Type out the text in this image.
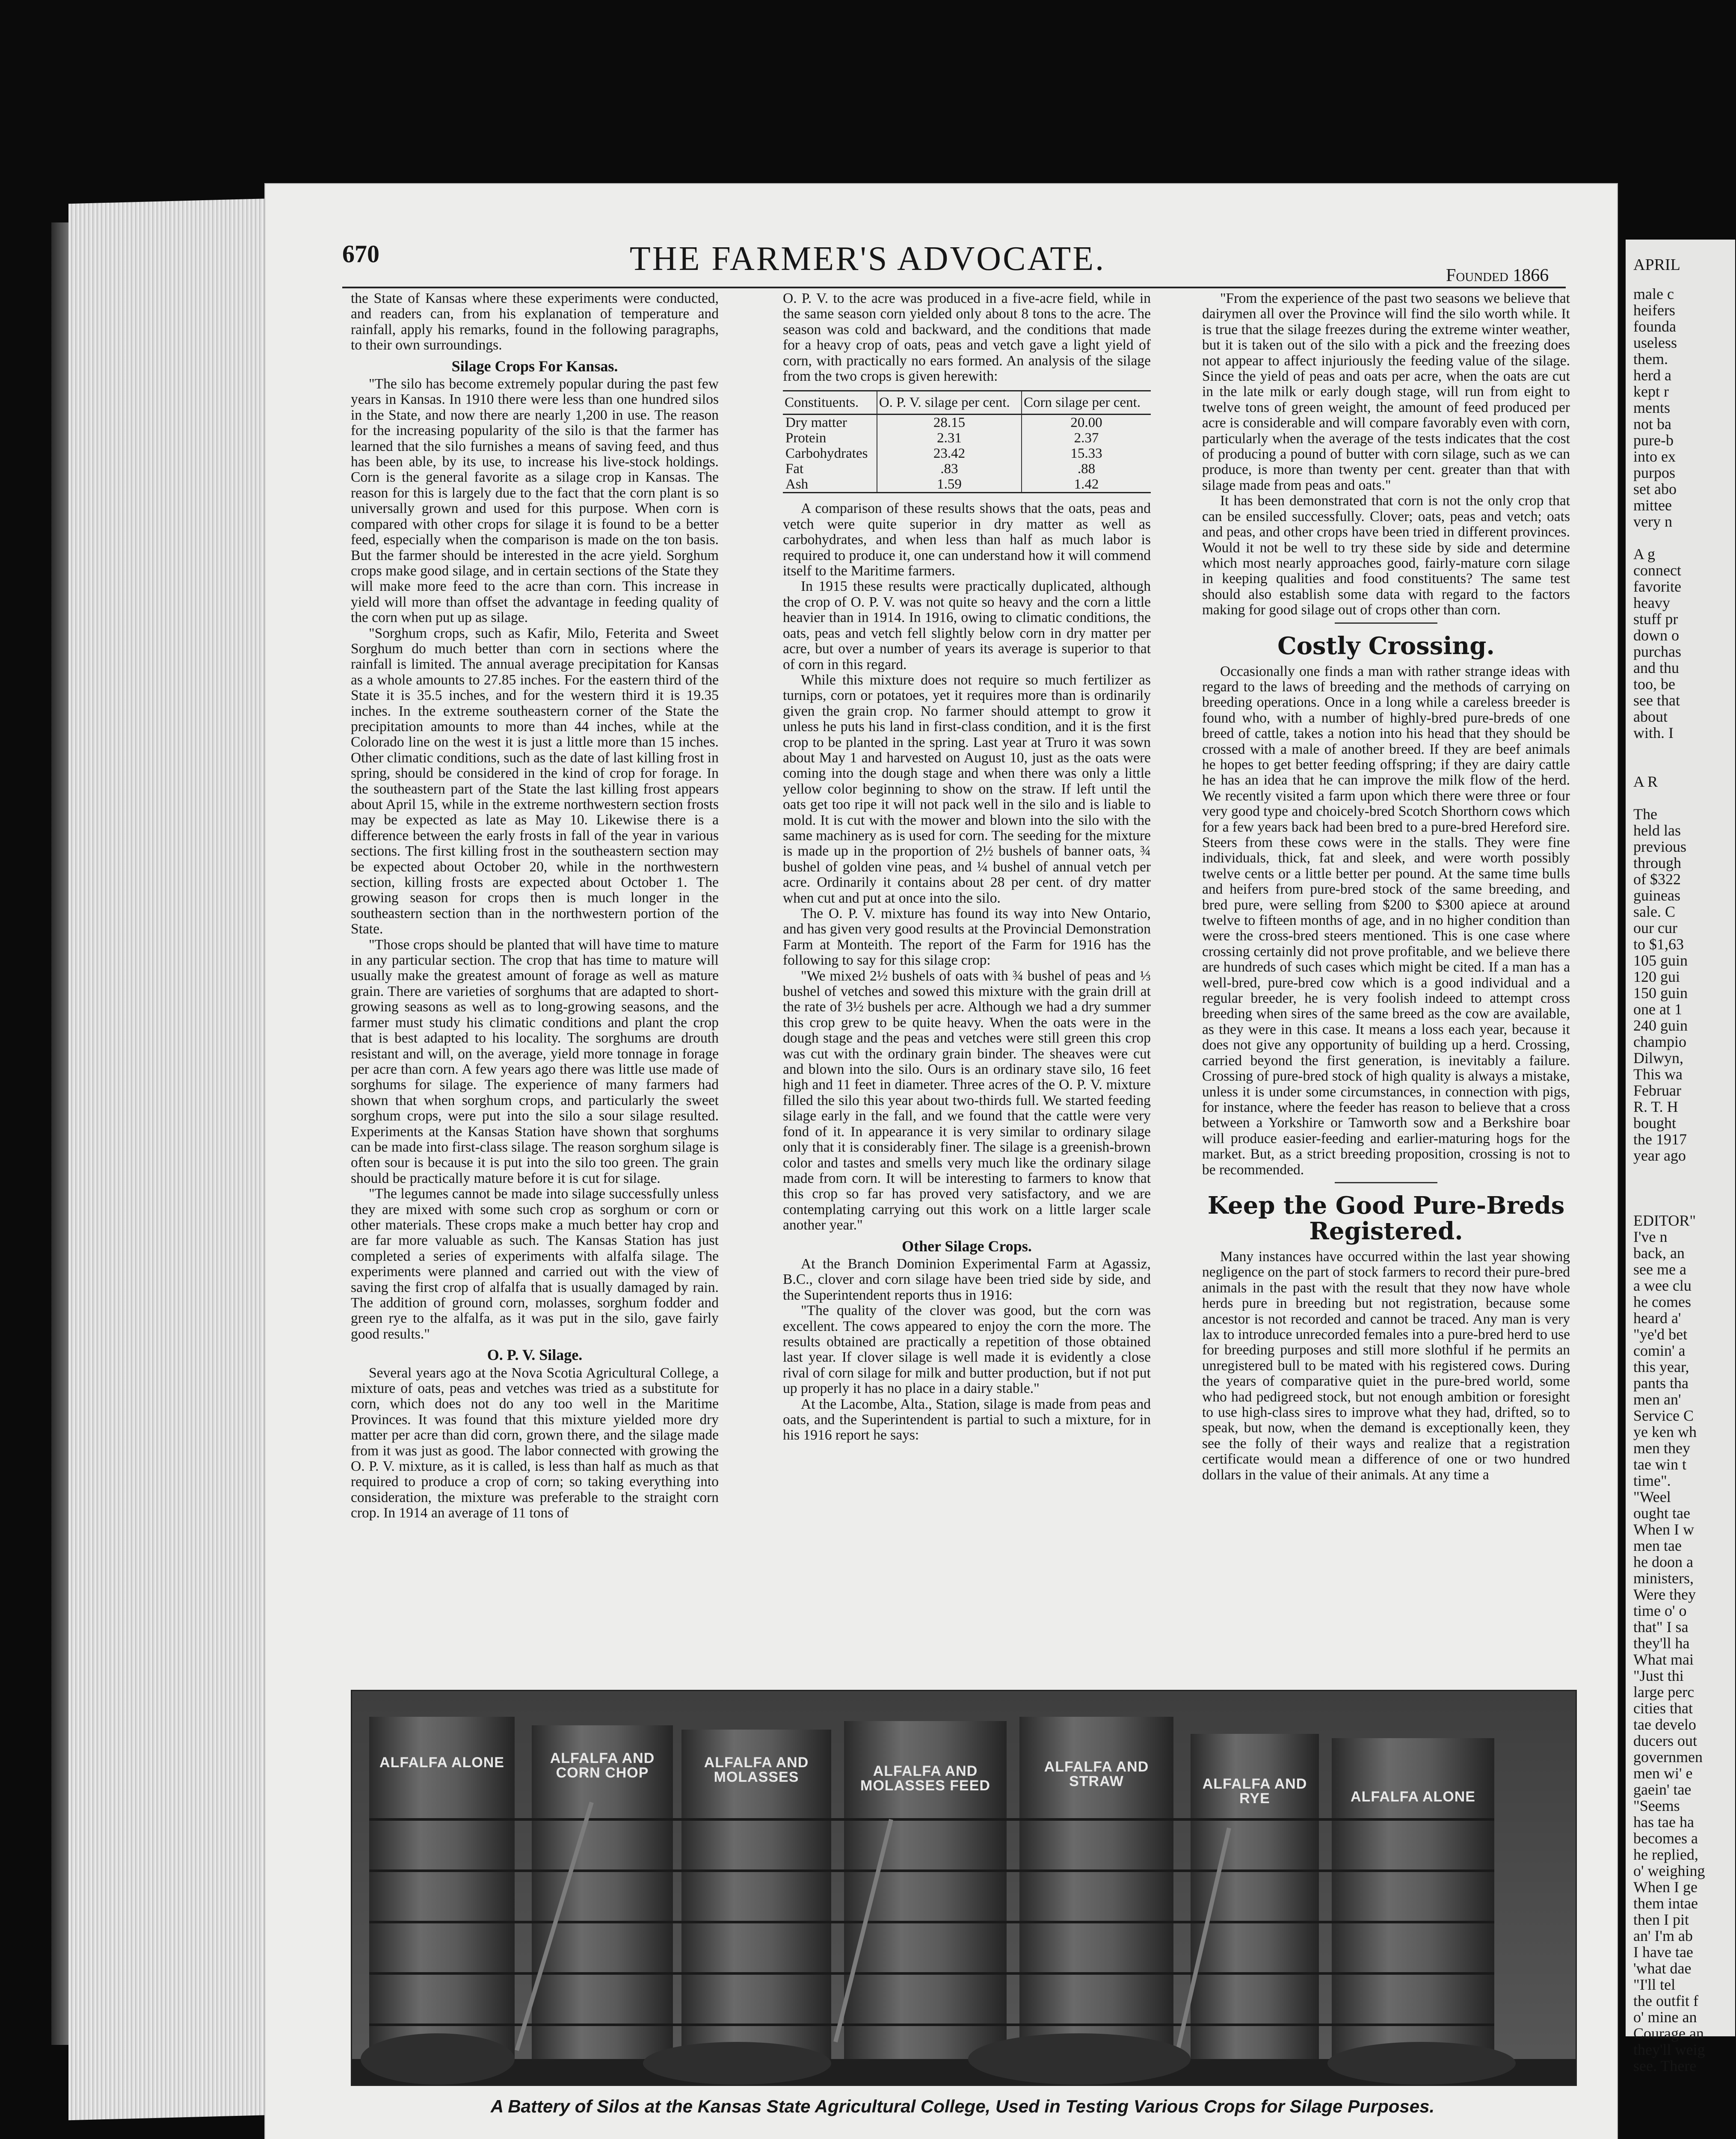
APRIL
male c
heifers
founda
useless
them.
herd a
kept r
ments
not ba
pure-b
into ex
purpos
set abo
mittee
very n

A g
connect
favorite
heavy
stuff pr
down o
purchas
and thu
too, be
see that
about
with. I

A R

The
held las
previous
through
of $322
guineas
sale. C
our cur
to $1,63
105 guin
120 gui
150 guin
one at 1
240 guin
champio
Dilwyn,
This wa
Februar
R. T. H
bought
the 1917
year ago

EDITOR"
I've n
back, an
see me a
a wee clu
he comes
heard a'
"ye'd bet
comin' a
this year,
pants tha
men an'
Service C
ye ken wh
men they
tae win t
time".
"Weel
ought tae
When I w
men tae
he doon a
ministers,
Were they
time o' o
that" I sa
they'll ha
What mai
"Just thi
large perc
cities that
tae develo
ducers out
governmen
men wi' e
gaein' tae
"Seems
has tae ha
becomes a
he replied,
o' weighing
When I ge
them intae
then I pit
an' I'm ab
I have tae
'what dae
"I'll tel
the outfit f
o' mine an
Courage an
they'll weig
see. There
670	THE FARMER'S ADVOCATE.	Founded 1866

the State of Kansas where these experiments were conducted, and readers can, from his explanation of temperature and rainfall, apply his remarks, found in the following paragraphs, to their own surroundings.

Silage Crops For Kansas.

"The silo has become extremely popular during the past few years in Kansas. In 1910 there were less than one hundred silos in the State, and now there are nearly 1,200 in use. The reason for the increasing popularity of the silo is that the farmer has learned that the silo furnishes a means of saving feed, and thus has been able, by its use, to increase his live-stock holdings. Corn is the general favorite as a silage crop in Kansas. The reason for this is largely due to the fact that the corn plant is so universally grown and used for this purpose. When corn is compared with other crops for silage it is found to be a better feed, especially when the comparison is made on the ton basis. But the farmer should be interested in the acre yield. Sorghum crops make good silage, and in certain sections of the State they will make more feed to the acre than corn. This increase in yield will more than offset the advantage in feeding quality of the corn when put up as silage.

"Sorghum crops, such as Kafir, Milo, Feterita and Sweet Sorghum do much better than corn in sections where the rainfall is limited. The annual average precipitation for Kansas as a whole amounts to 27.85 inches. For the eastern third of the State it is 35.5 inches, and for the western third it is 19.35 inches. In the extreme southeastern corner of the State the precipitation amounts to more than 44 inches, while at the Colorado line on the west it is just a little more than 15 inches. Other climatic conditions, such as the date of last killing frost in spring, should be considered in the kind of crop for forage. In the southeastern part of the State the last killing frost appears about April 15, while in the extreme northwestern section frosts may be expected as late as May 10. Likewise there is a difference between the early frosts in fall of the year in various sections. The first killing frost in the southeastern section may be expected about October 20, while in the northwestern section, killing frosts are expected about October 1. The growing season for crops then is much longer in the southeastern section than in the northwestern portion of the State.

"Those crops should be planted that will have time to mature in any particular section. The crop that has time to mature will usually make the greatest amount of forage as well as mature grain. There are varieties of sorghums that are adapted to short-growing seasons as well as to long-growing seasons, and the farmer must study his climatic conditions and plant the crop that is best adapted to his locality. The sorghums are drouth resistant and will, on the average, yield more tonnage in forage per acre than corn. A few years ago there was little use made of sorghums for silage. The experience of many farmers had shown that when sorghum crops, and particularly the sweet sorghum crops, were put into the silo a sour silage resulted. Experiments at the Kansas Station have shown that sorghums can be made into first-class silage. The reason sorghum silage is often sour is because it is put into the silo too green. The grain should be practically mature before it is cut for silage.

"The legumes cannot be made into silage successfully unless they are mixed with some such crop as sorghum or corn or other materials. These crops make a much better hay crop and are far more valuable as such. The Kansas Station has just completed a series of experiments with alfalfa silage. The experiments were planned and carried out with the view of saving the first crop of alfalfa that is usually damaged by rain. The addition of ground corn, molasses, sorghum fodder and green rye to the alfalfa, as it was put in the silo, gave fairly good results."

O. P. V. Silage.

Several years ago at the Nova Scotia Agricultural College, a mixture of oats, peas and vetches was tried as a substitute for corn, which does not do any too well in the Maritime Provinces. It was found that this mixture yielded more dry matter per acre than did corn, grown there, and the silage made from it was just as good. The labor connected with growing the O. P. V. mixture, as it is called, is less than half as much as that required to produce a crop of corn; so taking everything into consideration, the mixture was preferable to the straight corn crop. In 1914 an average of 11 tons of

O. P. V. to the acre was produced in a five-acre field, while in the same season corn yielded only about 8 tons to the acre. The season was cold and backward, and the conditions that made for a heavy crop of oats, peas and vetch gave a light yield of corn, with practically no ears formed. An analysis of the silage from the two crops is given herewith:

Constituents.	O. P. V. silage per cent.	Corn silage per cent.
Dry matter	28.15	20.00
Protein	2.31	2.37
Carbohydrates	23.42	15.33
Fat	.83	.88
Ash	1.59	1.42

A comparison of these results shows that the oats, peas and vetch were quite superior in dry matter as well as carbohydrates, and when less than half as much labor is required to produce it, one can understand how it will commend itself to the Maritime farmers.

In 1915 these results were practically duplicated, although the crop of O. P. V. was not quite so heavy and the corn a little heavier than in 1914. In 1916, owing to climatic conditions, the oats, peas and vetch fell slightly below corn in dry matter per acre, but over a number of years its average is superior to that of corn in this regard.

While this mixture does not require so much fertilizer as turnips, corn or potatoes, yet it requires more than is ordinarily given the grain crop. No farmer should attempt to grow it unless he puts his land in first-class condition, and it is the first crop to be planted in the spring. Last year at Truro it was sown about May 1 and harvested on August 10, just as the oats were coming into the dough stage and when there was only a little yellow color beginning to show on the straw. If left until the oats get too ripe it will not pack well in the silo and is liable to mold. It is cut with the mower and blown into the silo with the same machinery as is used for corn. The seeding for the mixture is made up in the proportion of 2½ bushels of banner oats, ¾ bushel of golden vine peas, and ¼ bushel of annual vetch per acre. Ordinarily it contains about 28 per cent. of dry matter when cut and put at once into the silo.

The O. P. V. mixture has found its way into New Ontario, and has given very good results at the Provincial Demonstration Farm at Monteith. The report of the Farm for 1916 has the following to say for this silage crop:

"We mixed 2½ bushels of oats with ¾ bushel of peas and ⅓ bushel of vetches and sowed this mixture with the grain drill at the rate of 3½ bushels per acre. Although we had a dry summer this crop grew to be quite heavy. When the oats were in the dough stage and the peas and vetches were still green this crop was cut with the ordinary grain binder. The sheaves were cut and blown into the silo. Ours is an ordinary stave silo, 16 feet high and 11 feet in diameter. Three acres of the O. P. V. mixture filled the silo this year about two-thirds full. We started feeding silage early in the fall, and we found that the cattle were very fond of it. In appearance it is very similar to ordinary silage only that it is considerably finer. The silage is a greenish-brown color and tastes and smells very much like the ordinary silage made from corn. It will be interesting to farmers to know that this crop so far has proved very satisfactory, and we are contemplating carrying out this work on a little larger scale another year."

Other Silage Crops.

At the Branch Dominion Experimental Farm at Agassiz, B.C., clover and corn silage have been tried side by side, and the Superintendent reports thus in 1916:

"The quality of the clover was good, but the corn was excellent. The cows appeared to enjoy the corn the more. The results obtained are practically a repetition of those obtained last year. If clover silage is well made it is evidently a close rival of corn silage for milk and butter production, but if not put up properly it has no place in a dairy stable."

At the Lacombe, Alta., Station, silage is made from peas and oats, and the Superintendent is partial to such a mixture, for in his 1916 report he says:

"From the experience of the past two seasons we believe that dairymen all over the Province will find the silo worth while. It is true that the silage freezes during the extreme winter weather, but it is taken out of the silo with a pick and the freezing does not appear to affect injuriously the feeding value of the silage. Since the yield of peas and oats per acre, when the oats are cut in the late milk or early dough stage, will run from eight to twelve tons of green weight, the amount of feed produced per acre is considerable and will compare favorably even with corn, particularly when the average of the tests indicates that the cost of producing a pound of butter with corn silage, such as we can produce, is more than twenty per cent. greater than that with silage made from peas and oats."

It has been demonstrated that corn is not the only crop that can be ensiled successfully. Clover; oats, peas and vetch; oats and peas, and other crops have been tried in different provinces. Would it not be well to try these side by side and determine which most nearly approaches good, fairly-mature corn silage in keeping qualities and food constituents? The same test should also establish some data with regard to the factors making for good silage out of crops other than corn.

Costly Crossing.

Occasionally one finds a man with rather strange ideas with regard to the laws of breeding and the methods of carrying on breeding operations. Once in a long while a careless breeder is found who, with a number of highly-bred pure-breds of one breed of cattle, takes a notion into his head that they should be crossed with a male of another breed. If they are beef animals he hopes to get better feeding offspring; if they are dairy cattle he has an idea that he can improve the milk flow of the herd. We recently visited a farm upon which there were three or four very good type and choicely-bred Scotch Shorthorn cows which for a few years back had been bred to a pure-bred Hereford sire. Steers from these cows were in the stalls. They were fine individuals, thick, fat and sleek, and were worth possibly twelve cents or a little better per pound. At the same time bulls and heifers from pure-bred stock of the same breeding, and bred pure, were selling from $200 to $300 apiece at around twelve to fifteen months of age, and in no higher condition than were the cross-bred steers mentioned. This is one case where crossing certainly did not prove profitable, and we believe there are hundreds of such cases which might be cited. If a man has a well-bred, pure-bred cow which is a good individual and a regular breeder, he is very foolish indeed to attempt cross breeding when sires of the same breed as the cow are available, as they were in this case. It means a loss each year, because it does not give any opportunity of building up a herd. Crossing, carried beyond the first generation, is inevitably a failure. Crossing of pure-bred stock of high quality is always a mistake, unless it is under some circumstances, in connection with pigs, for instance, where the feeder has reason to believe that a cross between a Yorkshire or Tamworth sow and a Berkshire boar will produce easier-feeding and earlier-maturing hogs for the market. But, as a strict breeding proposition, crossing is not to be recommended.

Keep the Good Pure-Breds Registered.

Many instances have occurred within the last year showing negligence on the part of stock farmers to record their pure-bred animals in the past with the result that they now have whole herds pure in breeding but not registration, because some ancestor is not recorded and cannot be traced. Any man is very lax to introduce unrecorded females into a pure-bred herd to use for breeding purposes and still more slothful if he permits an unregistered bull to be mated with his registered cows. During the years of comparative quiet in the pure-bred world, some who had pedigreed stock, but not enough ambition or foresight to use high-class sires to improve what they had, drifted, so to speak, but now, when the demand is exceptionally keen, they see the folly of their ways and realize that a registration certificate would mean a difference of one or two hundred dollars in the value of their animals. At any time a

ALFALFA ALONE	ALFALFA AND CORN CHOP
ALFALFA AND MOLASSES	ALFALFA AND MOLASSES FEED
ALFALFA AND STRAW	ALFALFA AND RYE	ALFALFA ALONE
A Battery of Silos at the Kansas State Agricultural College, Used in Testing Various Crops for Silage Purposes.
